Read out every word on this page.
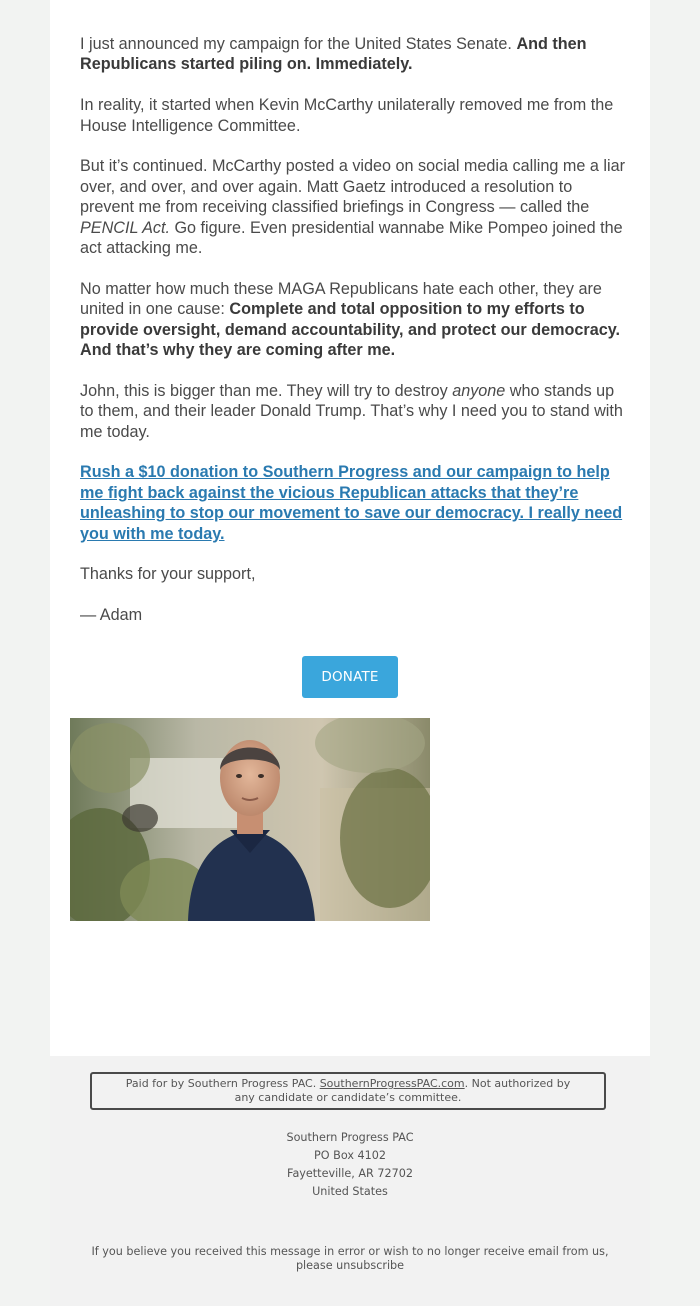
I just announced my campaign for the United States Senate. And then Republicans started piling on. Immediately.

In reality, it started when Kevin McCarthy unilaterally removed me from the House Intelligence Committee.

But it’s continued. McCarthy posted a video on social media calling me a liar over, and over, and over again. Matt Gaetz introduced a resolution to prevent me from receiving classified briefings in Congress — called the PENCIL Act. Go figure. Even presidential wannabe Mike Pompeo joined the act attacking me.

No matter how much these MAGA Republicans hate each other, they are united in one cause: Complete and total opposition to my efforts to provide oversight, demand accountability, and protect our democracy. And that’s why they are coming after me.

John, this is bigger than me. They will try to destroy anyone who stands up to them, and their leader Donald Trump. That’s why I need you to stand with me today.

Rush a $10 donation to Southern Progress and our campaign to help me fight back against the vicious Republican attacks that they’re unleashing to stop our movement to save our democracy. I really need you with me today.

Thanks for your support,

— Adam

DONATE
Paid for by Southern Progress PAC. SouthernProgressPAC.com. Not authorized by any candidate or candidate’s committee.
Southern Progress PAC
PO Box 4102
Fayetteville, AR 72702
United States
If you believe you received this message in error or wish to no longer receive email from us, please unsubscribe
